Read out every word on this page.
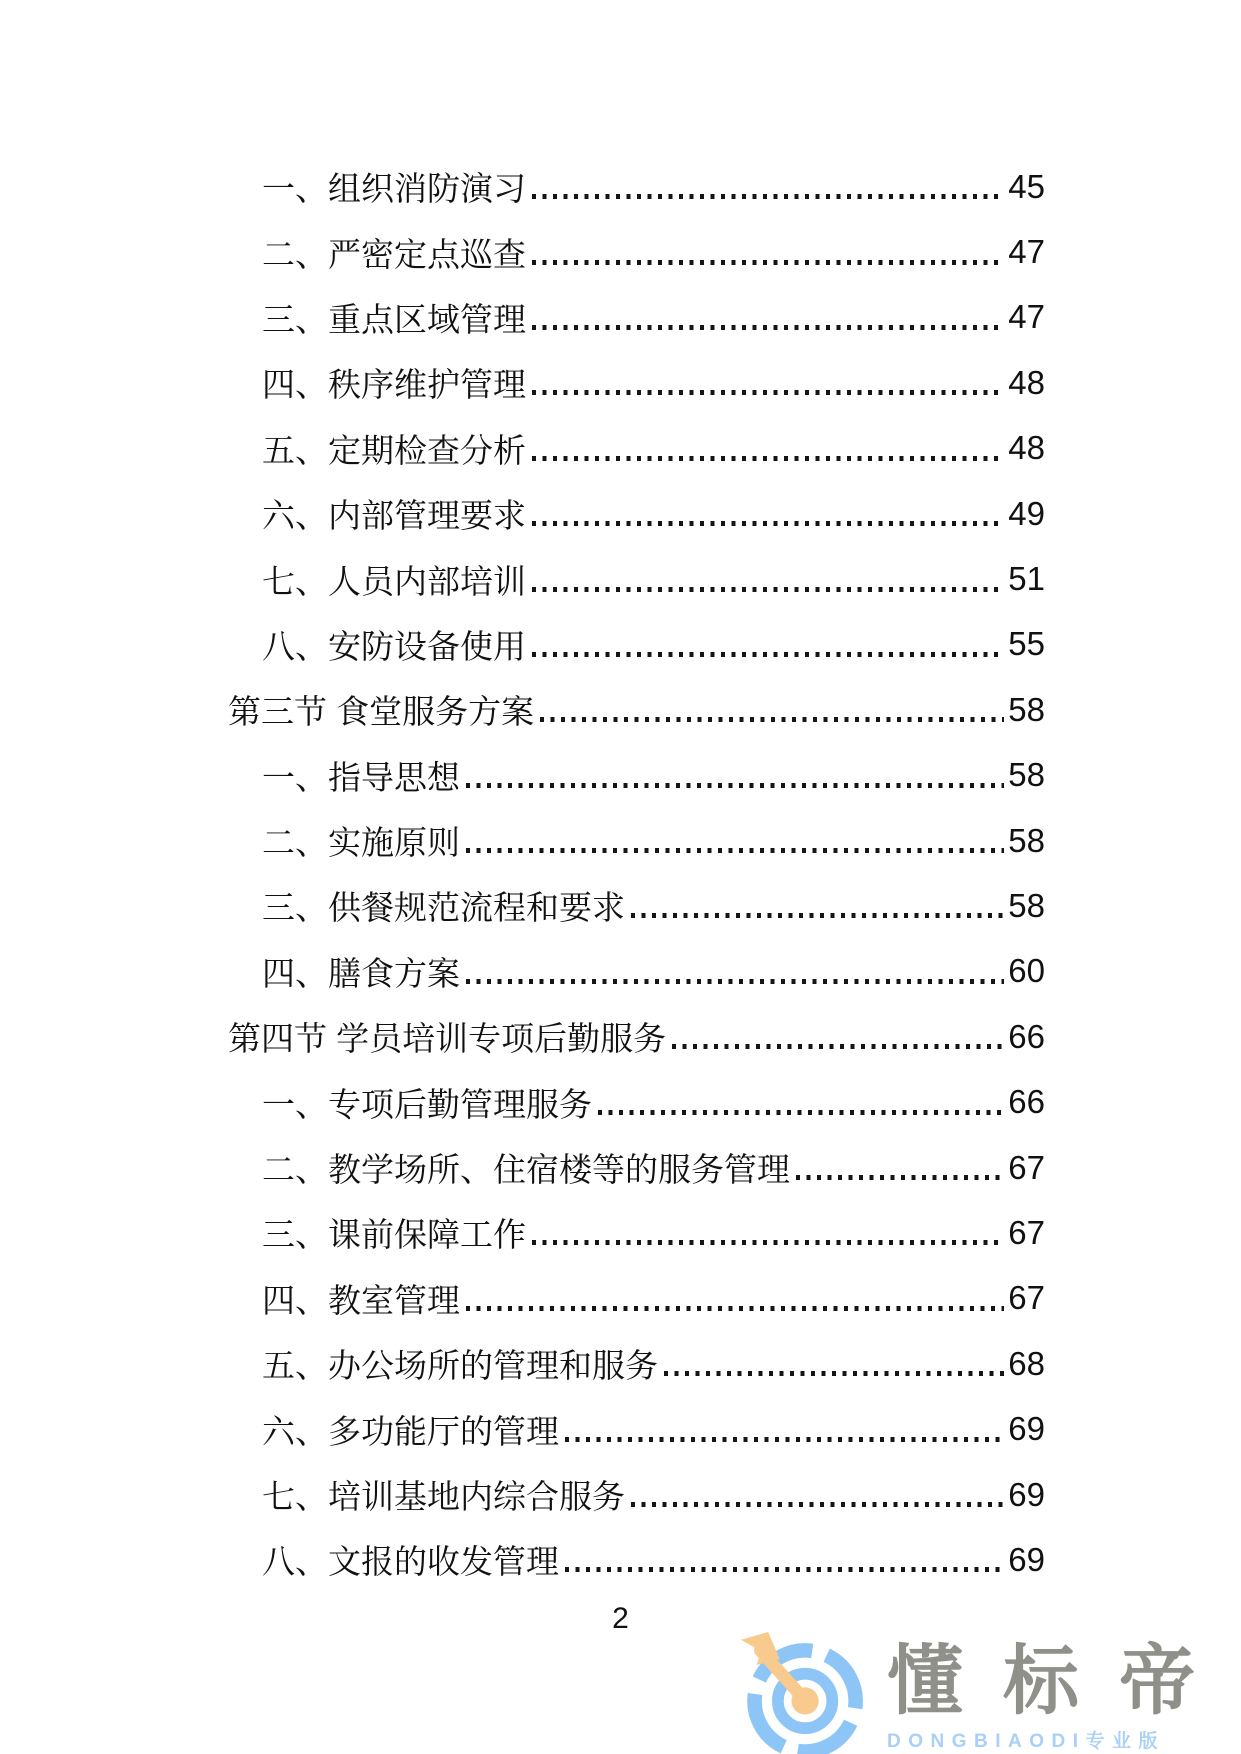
一、组织消防演习	45
二、严密定点巡查	47
三、重点区域管理	47
四、秩序维护管理	48
五、定期检查分析	48
六、内部管理要求	49
七、人员内部培训	51
八、安防设备使用	55
第三节 食堂服务方案	58
一、指导思想	58
二、实施原则	58
三、供餐规范流程和要求	58
四、膳食方案	60
第四节 学员培训专项后勤服务	66
一、专项后勤管理服务	66
二、教学场所、住宿楼等的服务管理	67
三、课前保障工作	67
四、教室管理	67
五、办公场所的管理和服务	68
六、多功能厅的管理	69
七、培训基地内综合服务	69
八、文报的收发管理	69
2
懂标帝
DONGBIAODI专业版
